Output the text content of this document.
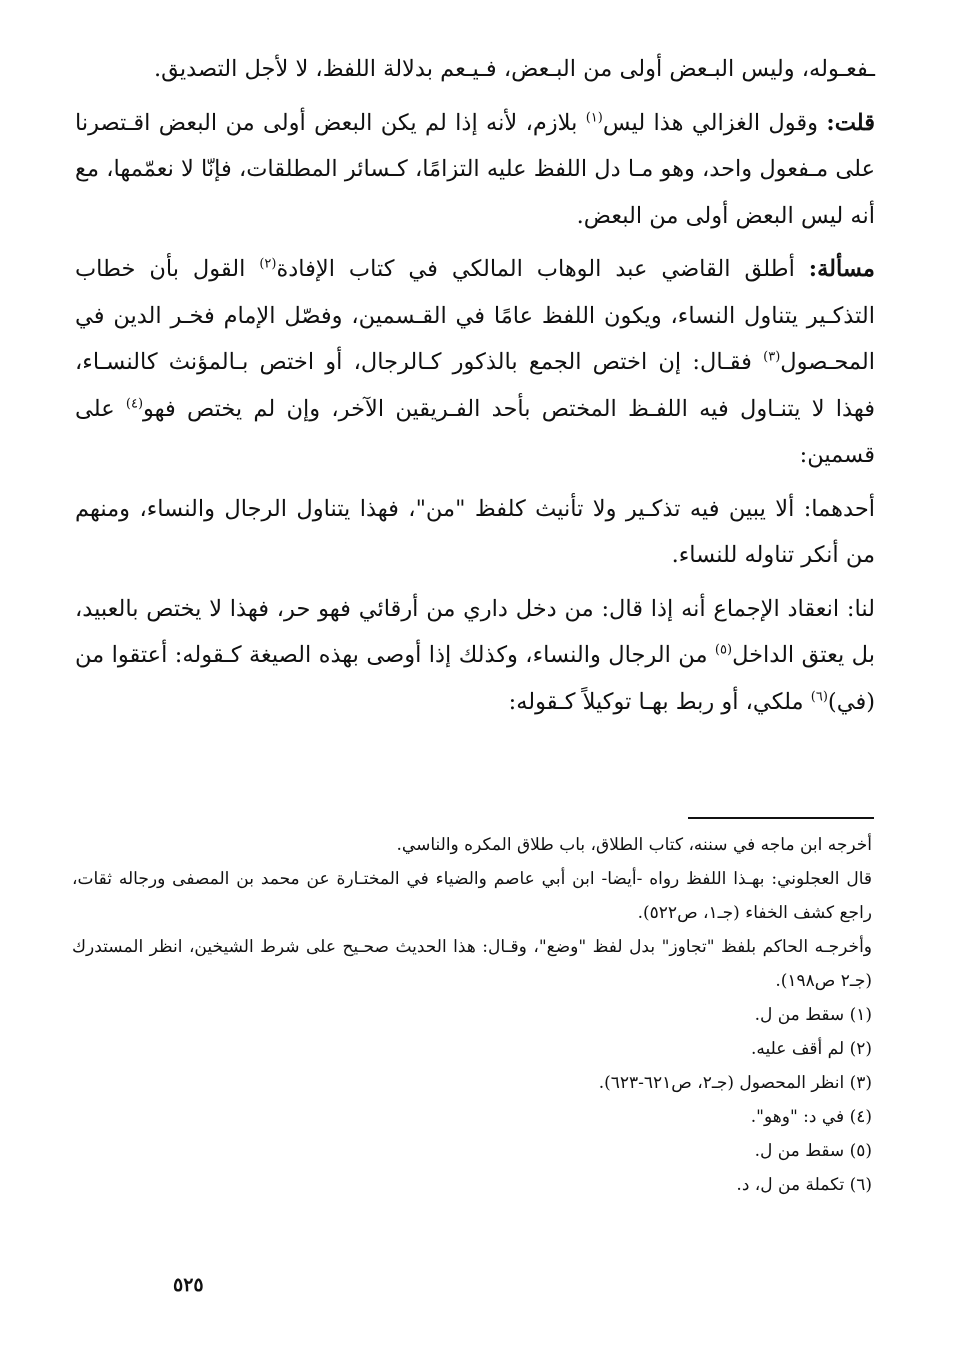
ـفعـوله، وليس البـعض أولى من البـعض، فـيـعم بدلالة اللفظ، لا لأجل التصديق.

قلت: وقول الغزالي هذا ليس$^{(١)}$ بلازم، لأنه إذا لم يكن البعض أولى من البعض اقـتصرنا على مـفعول واحد، وهو مـا دل اللفظ عليه التزامًا، كـسائر المطلقات، فإنّا لا نعمّمها، مع أنه ليس البعض أولى من البعض.

مسألة: أطلق القاضي عبد الوهاب المالكي في كتاب الإفادة$^{(٢)}$ القول بأن خطاب التذكـير يتناول النساء، ويكون اللفظ عامًا في القـسمين، وفصّل الإمام فخـر الدين في المحـصول$^{(٣)}$ فقـال: إن اختص الجمع بالذكور كـالرجال، أو اختص بـالمؤنث كالنسـاء، فهذا لا يتنـاول فيه اللفـظ المختص بأحد الفـريقين الآخر، وإن لم يختص فهو$^{(٤)}$ على قسمين:

أحدهما: ألا يبين فيه تذكـير ولا تأنيث كلفظ "من"، فهذا يتناول الرجال والنساء، ومنهم من أنكر تناوله للنساء.

لنا: انعقاد الإجماع أنه إذا قال: من دخل داري من أرقائي فهو حر، فهذا لا يختص بالعبيد، بل يعتق الداخل$^{(٥)}$ من الرجال والنساء، وكذلك إذا أوصى بهذه الصيغة كـقوله: أعتقوا من (في)$^{(٦)}$ ملكي، أو ربط بهـا توكيلاً كـقوله:

أخرجه ابن ماجه في سننه، كتاب الطلاق، باب طلاق المكره والناسي.
قال العجلوني: بهـذا اللفظ رواه -أيضا- ابن أبي عاصم والضياء في المختـارة عن محمد بن المصفى ورجاله ثقات، راجع كشف الخفاء (جـ١، ص٥٢٢).
وأخرجـه الحاكم بلفظ "تجاوز" بدل لفظ "وضع"، وقـال: هذا الحديث صحـيح على شرط الشيخين، انظر المستدرك (جـ٢ ص١٩٨).
(١) سقط من ل.
(٢) لم أقف عليه.
(٣) انظر المحصول (جـ٢، ص٦٢١-٦٢٣).
(٤) في د: "وهو".
(٥) سقط من ل.
(٦) تكملة من ل، د.
٥٢٥
